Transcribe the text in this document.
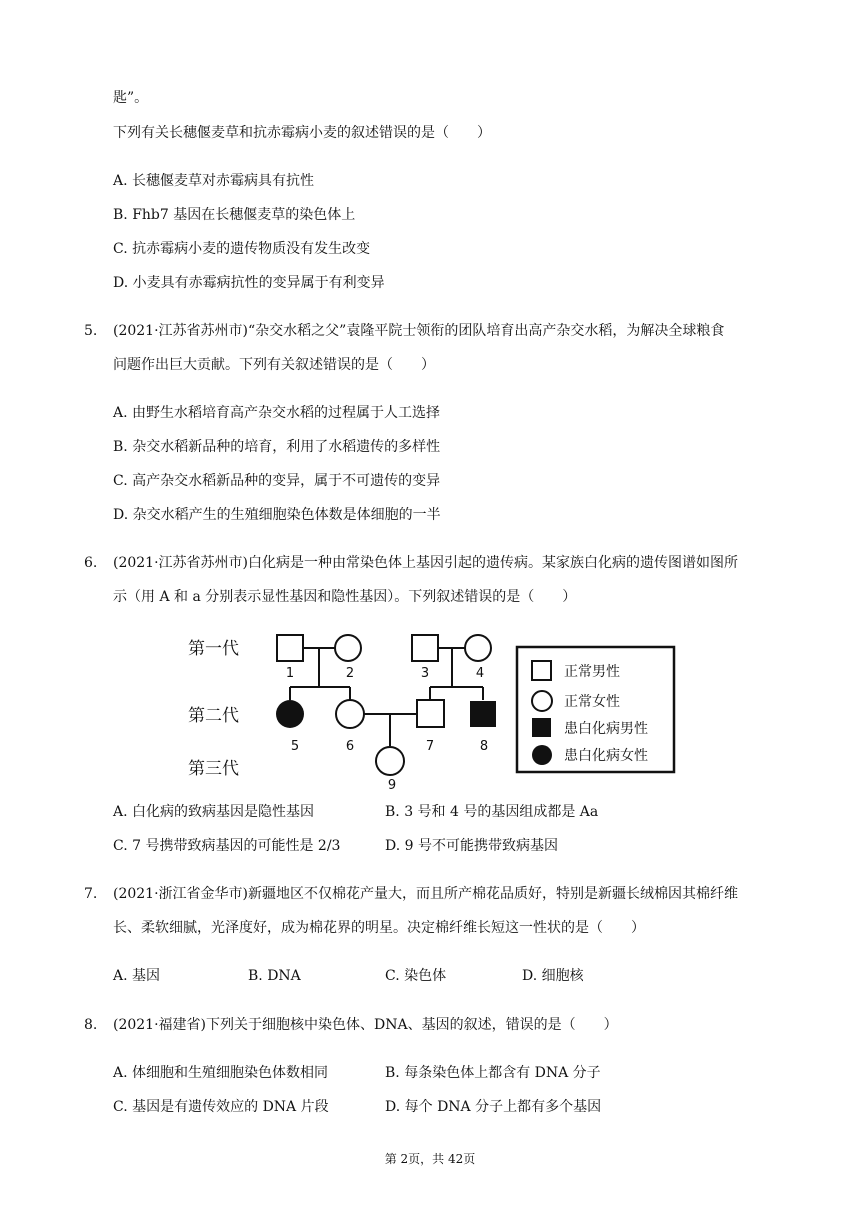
匙”。
下列有关长穗偃麦草和抗赤霉病小麦的叙述错误的是（　　）
A. 长穗偃麦草对赤霉病具有抗性
B. Fhb7 基因在长穗偃麦草的染色体上
C. 抗赤霉病小麦的遗传物质没有发生改变
D. 小麦具有赤霉病抗性的变异属于有利变异
5. (2021·江苏省苏州市)“杂交水稻之父”袁隆平院士领衔的团队培育出高产杂交水稻，为解决全球粮食
问题作出巨大贡献。下列有关叙述错误的是（　　）
A. 由野生水稻培育高产杂交水稻的过程属于人工选择
B. 杂交水稻新品种的培育，利用了水稻遗传的多样性
C. 高产杂交水稻新品种的变异，属于不可遗传的变异
D. 杂交水稻产生的生殖细胞染色体数是体细胞的一半
6. (2021·江苏省苏州市)白化病是一种由常染色体上基因引起的遗传病。某家族白化病的遗传图谱如图所
示（用 A 和 a 分别表示显性基因和隐性基因）。下列叙述错误的是（　　）
第一代
第二代
第三代
1	2	3	4
5	6	7	8
9
正常男性
正常女性
患白化病男性
患白化病女性
A. 白化病的致病基因是隐性基因	B. 3 号和 4 号的基因组成都是 Aa
C. 7 号携带致病基因的可能性是 2/3	D. 9 号不可能携带致病基因
7. (2021·浙江省金华市)新疆地区不仅棉花产量大，而且所产棉花品质好，特别是新疆长绒棉因其棉纤维
长、柔软细腻，光泽度好，成为棉花界的明星。决定棉纤维长短这一性状的是（　　）
A. 基因	B. DNA	C. 染色体	D. 细胞核
8. (2021·福建省)下列关于细胞核中染色体、DNA、基因的叙述，错误的是（　　）
A. 体细胞和生殖细胞染色体数相同	B. 每条染色体上都含有 DNA 分子
C. 基因是有遗传效应的 DNA 片段	D. 每个 DNA 分子上都有多个基因
第 2页，共 42页
